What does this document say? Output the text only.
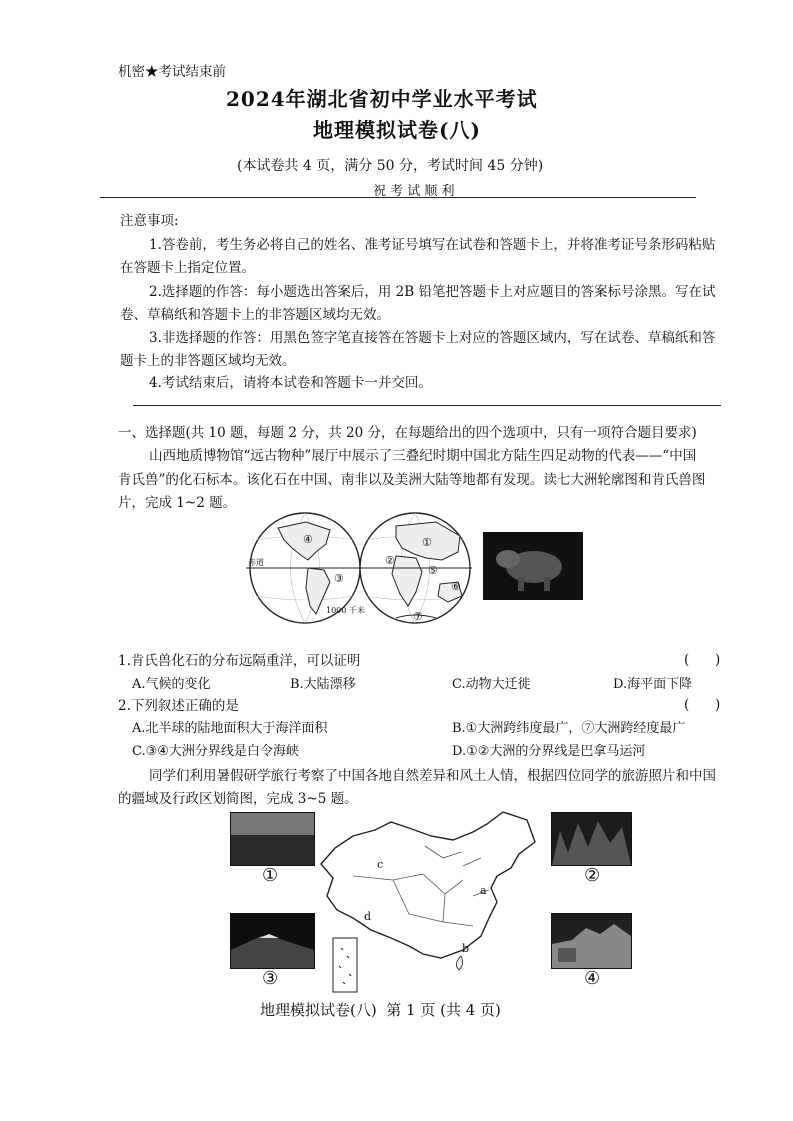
机密★考试结束前
2024年湖北省初中学业水平考试
地理模拟试卷(八)
(本试卷共 4 页，满分 50 分，考试时间 45 分钟)
祝 考 试 顺 利
注意事项:
1.答卷前，考生务必将自己的姓名、准考证号填写在试卷和答题卡上，并将准考证号条形码粘贴
在答题卡上指定位置。
2.选择题的作答：每小题选出答案后，用 2B 铅笔把答题卡上对应题目的答案标号涂黑。写在试
卷、草稿纸和答题卡上的非答题区域均无效。
3.非选择题的作答：用黑色签字笔直接答在答题卡上对应的答题区域内，写在试卷、草稿纸和答
题卡上的非答题区域均无效。
4.考试结束后，请将本试卷和答题卡一并交回。
一、选择题(共 10 题，每题 2 分，共 20 分，在每题给出的四个选项中，只有一项符合题目要求)
山西地质博物馆“远古物种”展厅中展示了三叠纪时期中国北方陆生四足动物的代表——“中国
肯氏兽”的化石标本。该化石在中国、南非以及美洲大陆等地都有发现。读七大洲轮廓图和肯氏兽图
片，完成 1~2 题。
赤道
④
③
①
②
⑤
⑥
⑦
1000 千米
1.肯氏兽化石的分布远隔重洋，可以证明	(      )
A.气候的变化	B.大陆漂移	C.动物大迁徙	D.海平面下降
2.下列叙述正确的是	(      )
A.北半球的陆地面积大于海洋面积	B.①大洲跨纬度最广，⑦大洲跨经度最广
C.③④大洲分界线是白令海峡	D.①②大洲的分界线是巴拿马运河
同学们利用暑假研学旅行考察了中国各地自然差异和风土人情，根据四位同学的旅游照片和中国
的疆域及行政区划简图，完成 3~5 题。
①	②
③	④
c
d
a
b
地理模拟试卷(八)  第 1 页 (共 4 页)
